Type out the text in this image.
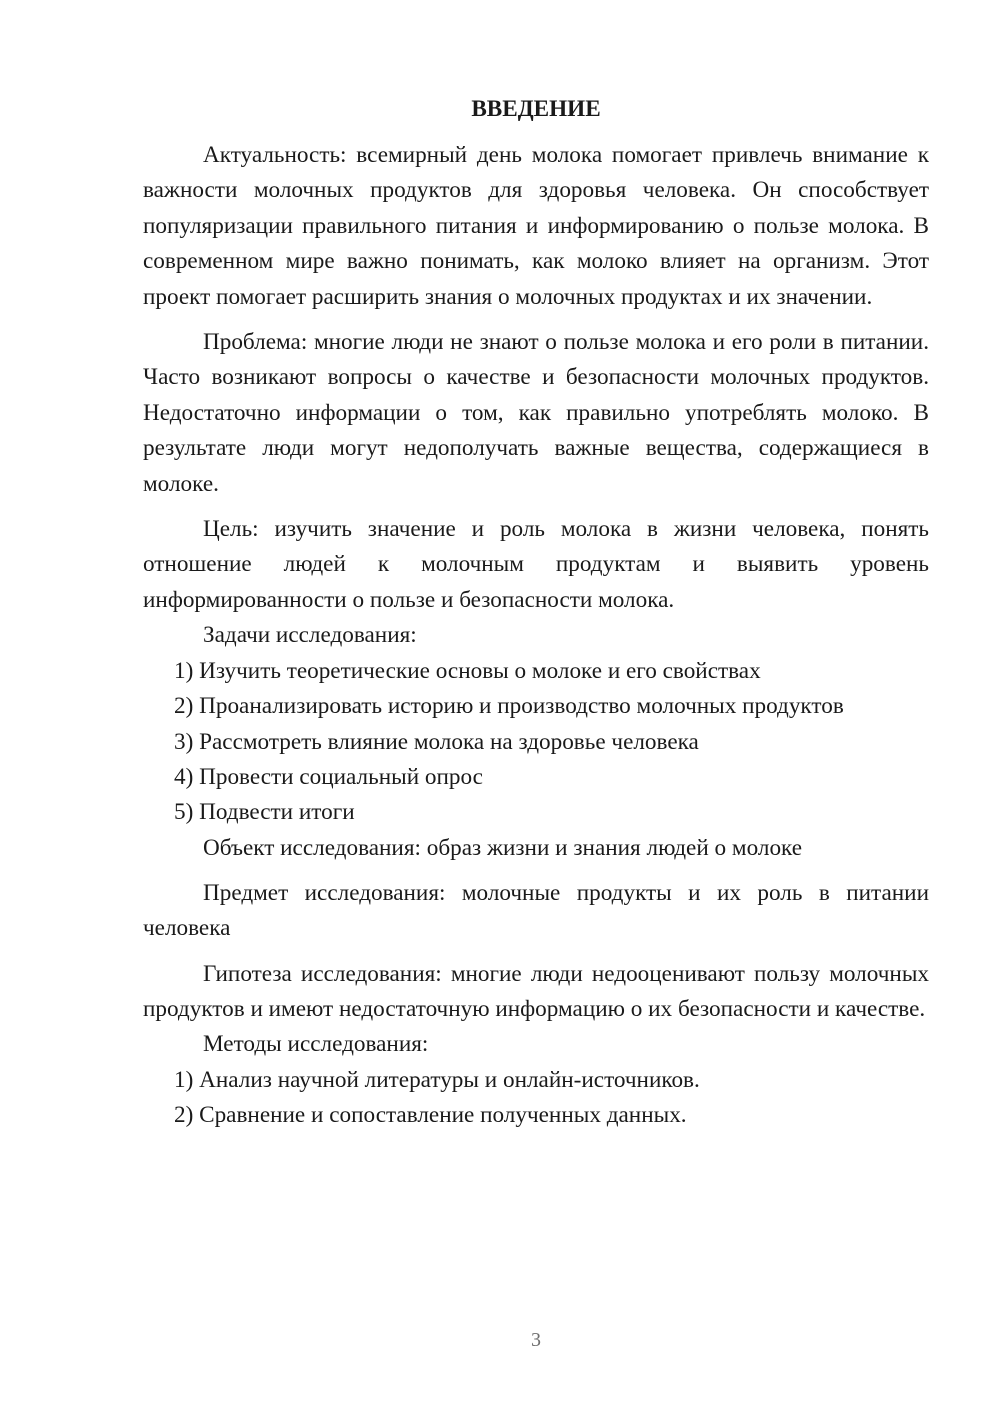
ВВЕДЕНИЕ

Актуальность: всемирный день молока помогает привлечь внимание к важности молочных продуктов для здоровья человека. Он способствует популяризации правильного питания и информированию о пользе молока. В современном мире важно понимать, как молоко влияет на организм. Этот проект помогает расширить знания о молочных продуктах и их значении.

Проблема: многие люди не знают о пользе молока и его роли в питании. Часто возникают вопросы о качестве и безопасности молочных продуктов. Недостаточно информации о том, как правильно употреблять молоко. В результате люди могут недополучать важные вещества, содержащиеся в молоке.

Цель: изучить значение и роль молока в жизни человека, понять отношение людей к молочным продуктам и выявить уровень информированности о пользе и безопасности молока.

Задачи исследования:

1) Изучить теоретические основы о молоке и его свойствах

2) Проанализировать историю и производство молочных продуктов

3) Рассмотреть влияние молока на здоровье человека

4) Провести социальный опрос

5) Подвести итоги

Объект исследования: образ жизни и знания людей о молоке

Предмет исследования: молочные продукты и их роль в питании человека

Гипотеза исследования: многие люди недооценивают пользу молочных продуктов и имеют недостаточную информацию о их безопасности и качестве.

Методы исследования:

1) Анализ научной литературы и онлайн-источников.

2) Сравнение и сопоставление полученных данных.

3
